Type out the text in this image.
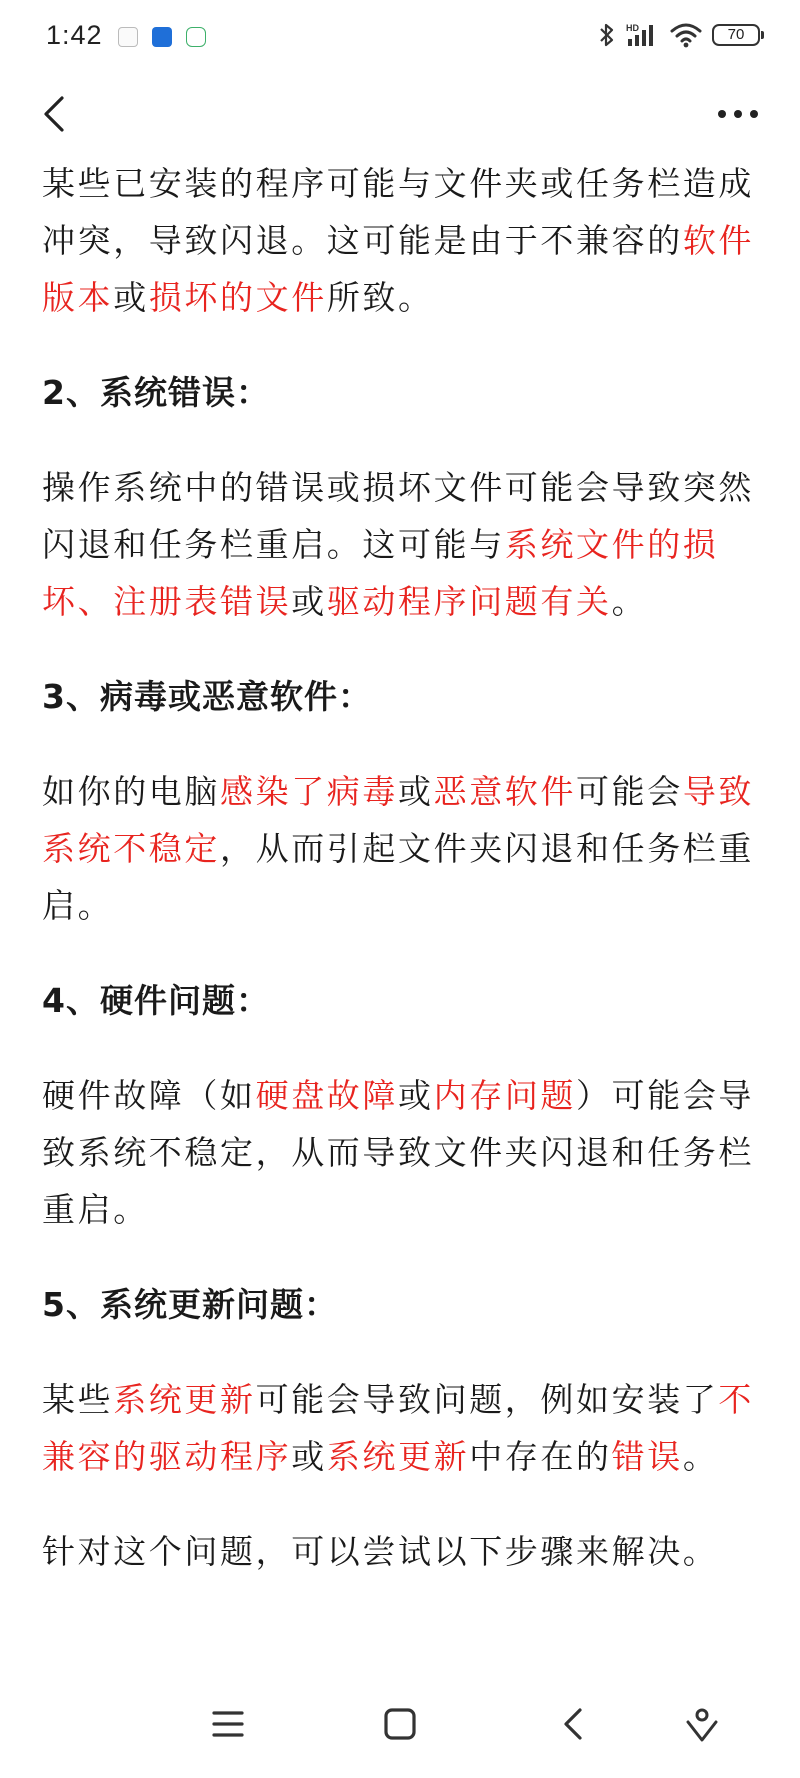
1:42	HD	70
某些已安装的程序可能与文件夹或任务栏造成冲突，导致闪退。这可能是由于不兼容的软件版本或损坏的文件所致。
2、系统错误：
操作系统中的错误或损坏文件可能会导致突然闪退和任务栏重启。这可能与系统文件的损坏、注册表错误或驱动程序问题有关。
3、病毒或恶意软件：
如你的电脑感染了病毒或恶意软件可能会导致系统不稳定，从而引起文件夹闪退和任务栏重启。
4、硬件问题：
硬件故障（如硬盘故障或内存问题）可能会导致系统不稳定，从而导致文件夹闪退和任务栏重启。
5、系统更新问题：
某些系统更新可能会导致问题，例如安装了不兼容的驱动程序或系统更新中存在的错误。
针对这个问题，可以尝试以下步骤来解决。
